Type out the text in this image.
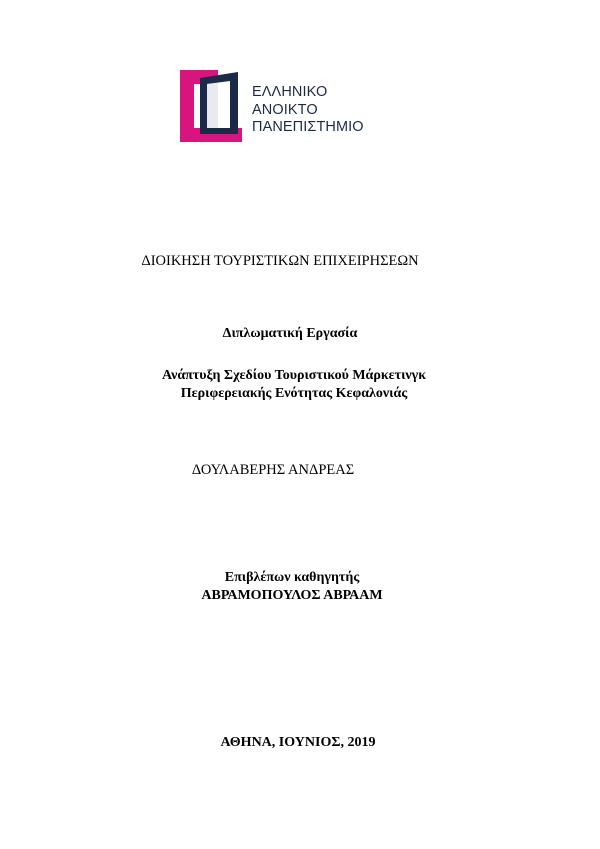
ΕΛΛΗΝΙΚΟ
ΑΝΟΙΚΤΟ
ΠΑΝΕΠΙΣΤΗΜΙΟ
ΔΙΟΙΚΗΣΗ ΤΟΥΡΙΣΤΙΚΩΝ ΕΠΙΧΕΙΡΗΣΕΩΝ
Διπλωματική Εργασία
Ανάπτυξη Σχεδίου Τουριστικού Μάρκετινγκ
Περιφερειακής Ενότητας Κεφαλονιάς
ΔΟΥΛΑΒΕΡΗΣ ΑΝΔΡΕΑΣ
Επιβλέπων καθηγητής
ΑΒΡΑΜΟΠΟΥΛΟΣ ΑΒΡΑΑΜ
ΑΘΗΝΑ, ΙΟΥΝΙΟΣ, 2019
